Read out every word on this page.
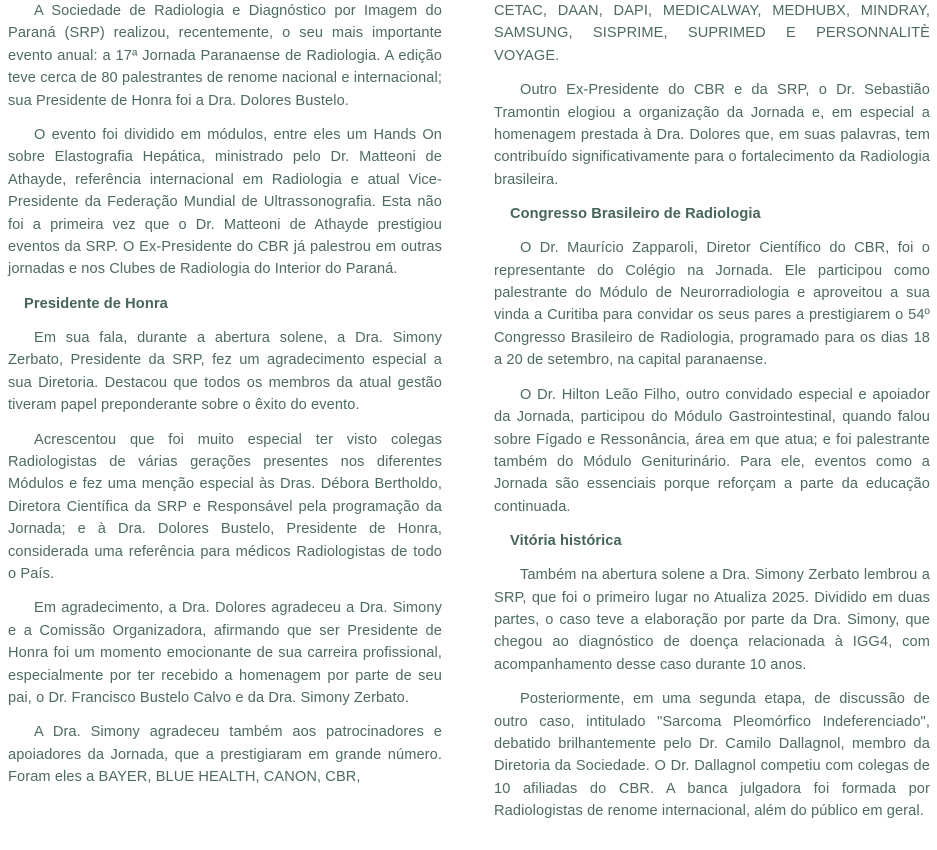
A Sociedade de Radiologia e Diagnóstico por Imagem do Paraná (SRP) realizou, recentemente, o seu mais importante evento anual: a 17ª Jornada Paranaense de Radiologia. A edição teve cerca de 80 palestrantes de renome nacional e internacional; sua Presidente de Honra foi a Dra. Dolores Bustelo.

O evento foi dividido em módulos, entre eles um Hands On sobre Elastografia Hepática, ministrado pelo Dr. Matteoni de Athayde, referência internacional em Radiologia e atual Vice-Presidente da Federação Mundial de Ultrassonografia. Esta não foi a primeira vez que o Dr. Matteoni de Athayde prestigiou eventos da SRP. O Ex-Presidente do CBR já palestrou em outras jornadas e nos Clubes de Radiologia do Interior do Paraná.

Presidente de Honra

Em sua fala, durante a abertura solene, a Dra. Simony Zerbato, Presidente da SRP, fez um agradecimento especial a sua Diretoria. Destacou que todos os membros da atual gestão tiveram papel preponderante sobre o êxito do evento.

Acrescentou que foi muito especial ter visto colegas Radiologistas de várias gerações presentes nos diferentes Módulos e fez uma menção especial às Dras. Débora Bertholdo, Diretora Científica da SRP e Responsável pela programação da Jornada; e à Dra. Dolores Bustelo, Presidente de Honra, considerada uma referência para médicos Radiologistas de todo o País.

Em agradecimento, a Dra. Dolores agradeceu a Dra. Simony e a Comissão Organizadora, afirmando que ser Presidente de Honra foi um momento emocionante de sua carreira profissional, especialmente por ter recebido a homenagem por parte de seu pai, o Dr. Francisco Bustelo Calvo e da Dra. Simony Zerbato.

A Dra. Simony agradeceu também aos patrocinadores e apoiadores da Jornada, que a prestigiaram em grande número. Foram eles a BAYER, BLUE HEALTH, CANON, CBR,

CETAC, DAAN, DAPI, MEDICALWAY, MEDHUBX, MINDRAY, SAMSUNG, SISPRIME, SUPRIMED E PERSONNALITÈ VOYAGE.

Outro Ex-Presidente do CBR e da SRP, o Dr. Sebastião Tramontin elogiou a organização da Jornada e, em especial a homenagem prestada à Dra. Dolores que, em suas palavras, tem contribuído significativamente para o fortalecimento da Radiologia brasileira.

Congresso Brasileiro de Radiologia

O Dr. Maurício Zapparoli, Diretor Científico do CBR, foi o representante do Colégio na Jornada. Ele participou como palestrante do Módulo de Neurorradiologia e aproveitou a sua vinda a Curitiba para convidar os seus pares a prestigiarem o 54º Congresso Brasileiro de Radiologia, programado para os dias 18 a 20 de setembro, na capital paranaense.

O Dr. Hilton Leão Filho, outro convidado especial e apoiador da Jornada, participou do Módulo Gastrointestinal, quando falou sobre Fígado e Ressonância, área em que atua; e foi palestrante também do Módulo Geniturinário. Para ele, eventos como a Jornada são essenciais porque reforçam a parte da educação continuada.

Vitória histórica

Também na abertura solene a Dra. Simony Zerbato lembrou a SRP, que foi o primeiro lugar no Atualiza 2025. Dividido em duas partes, o caso teve a elaboração por parte da Dra. Simony, que chegou ao diagnóstico de doença relacionada à IGG4, com acompanhamento desse caso durante 10 anos.

Posteriormente, em uma segunda etapa, de discussão de outro caso, intitulado "Sarcoma Pleomórfico Indeferenciado", debatido brilhantemente pelo Dr. Camilo Dallagnol, membro da Diretoria da Sociedade. O Dr. Dallagnol competiu com colegas de 10 afiliadas do CBR. A banca julgadora foi formada por Radiologistas de renome internacional, além do público em geral.
